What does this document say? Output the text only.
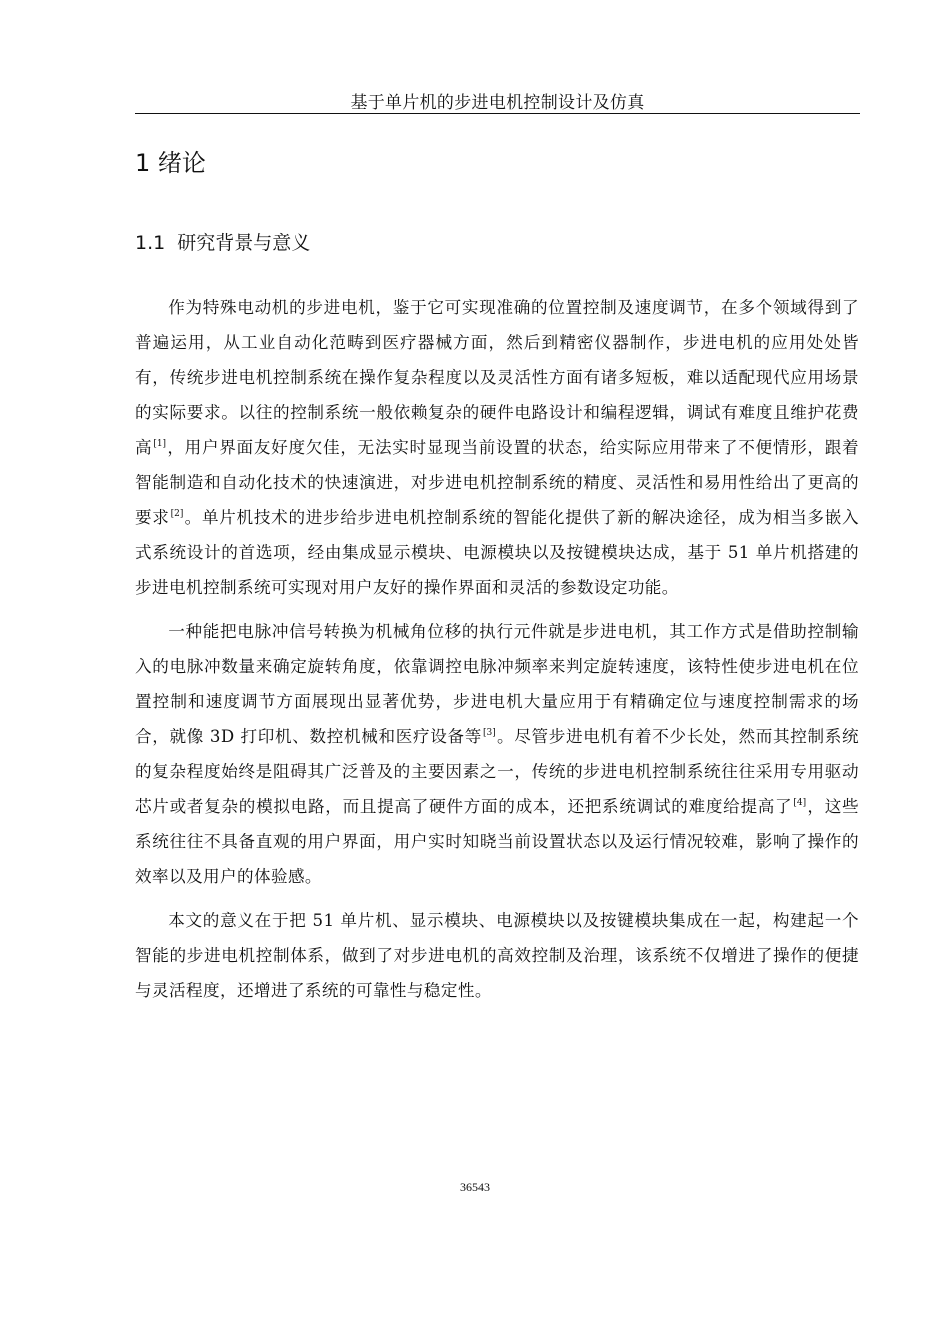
基于单片机的步进电机控制设计及仿真
1 绪论
1.1 研究背景与意义

作为特殊电动机的步进电机，鉴于它可实现准确的位置控制及速度调节，在多个领域得到了普遍运用，从工业自动化范畴到医疗器械方面，然后到精密仪器制作，步进电机的应用处处皆有，传统步进电机控制系统在操作复杂程度以及灵活性方面有诸多短板，难以适配现代应用场景的实际要求。以往的控制系统一般依赖复杂的硬件电路设计和编程逻辑，调试有难度且维护花费高[1]，用户界面友好度欠佳，无法实时显现当前设置的状态，给实际应用带来了不便情形，跟着智能制造和自动化技术的快速演进，对步进电机控制系统的精度、灵活性和易用性给出了更高的要求[2]。单片机技术的进步给步进电机控制系统的智能化提供了新的解决途径，成为相当多嵌入式系统设计的首选项，经由集成显示模块、电源模块以及按键模块达成，基于 51 单片机搭建的步进电机控制系统可实现对用户友好的操作界面和灵活的参数设定功能。

一种能把电脉冲信号转换为机械角位移的执行元件就是步进电机，其工作方式是借助控制输入的电脉冲数量来确定旋转角度，依靠调控电脉冲频率来判定旋转速度，该特性使步进电机在位置控制和速度调节方面展现出显著优势，步进电机大量应用于有精确定位与速度控制需求的场合，就像 3D 打印机、数控机械和医疗设备等[3]。尽管步进电机有着不少长处，然而其控制系统的复杂程度始终是阻碍其广泛普及的主要因素之一，传统的步进电机控制系统往往采用专用驱动芯片或者复杂的模拟电路，而且提高了硬件方面的成本，还把系统调试的难度给提高了[4]，这些系统往往不具备直观的用户界面，用户实时知晓当前设置状态以及运行情况较难，影响了操作的效率以及用户的体验感。

本文的意义在于把 51 单片机、显示模块、电源模块以及按键模块集成在一起，构建起一个智能的步进电机控制体系，做到了对步进电机的高效控制及治理，该系统不仅增进了操作的便捷与灵活程度，还增进了系统的可靠性与稳定性。

36543
